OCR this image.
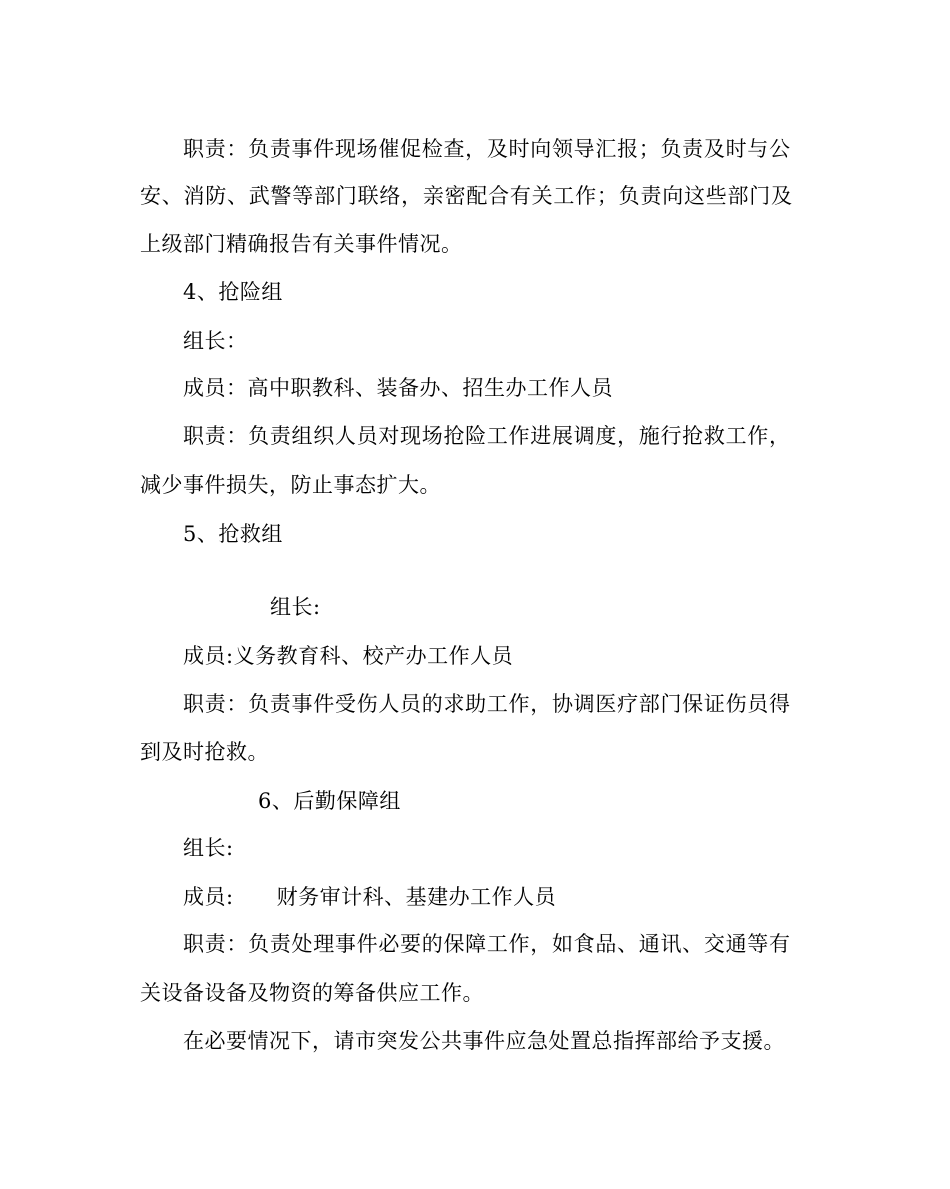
职责：负责事件现场催促检查，及时向领导汇报；负责及时与公
安、消防、武警等部门联络，亲密配合有关工作；负责向这些部门及
上级部门精确报告有关事件情况。
4、抢险组
组长：
成员：高中职教科、装备办、招生办工作人员
职责：负责组织人员对现场抢险工作进展调度，施行抢救工作，
减少事件损失，防止事态扩大。
5、抢救组
组长:
成员:义务教育科、校产办工作人员
职责：负责事件受伤人员的求助工作，协调医疗部门保证伤员得
到及时抢救。
6、后勤保障组
组长:
成员:      财务审计科、基建办工作人员
职责：负责处理事件必要的保障工作，如食品、通讯、交通等有
关设备设备及物资的筹备供应工作。
在必要情况下，请市突发公共事件应急处置总指挥部给予支援。
